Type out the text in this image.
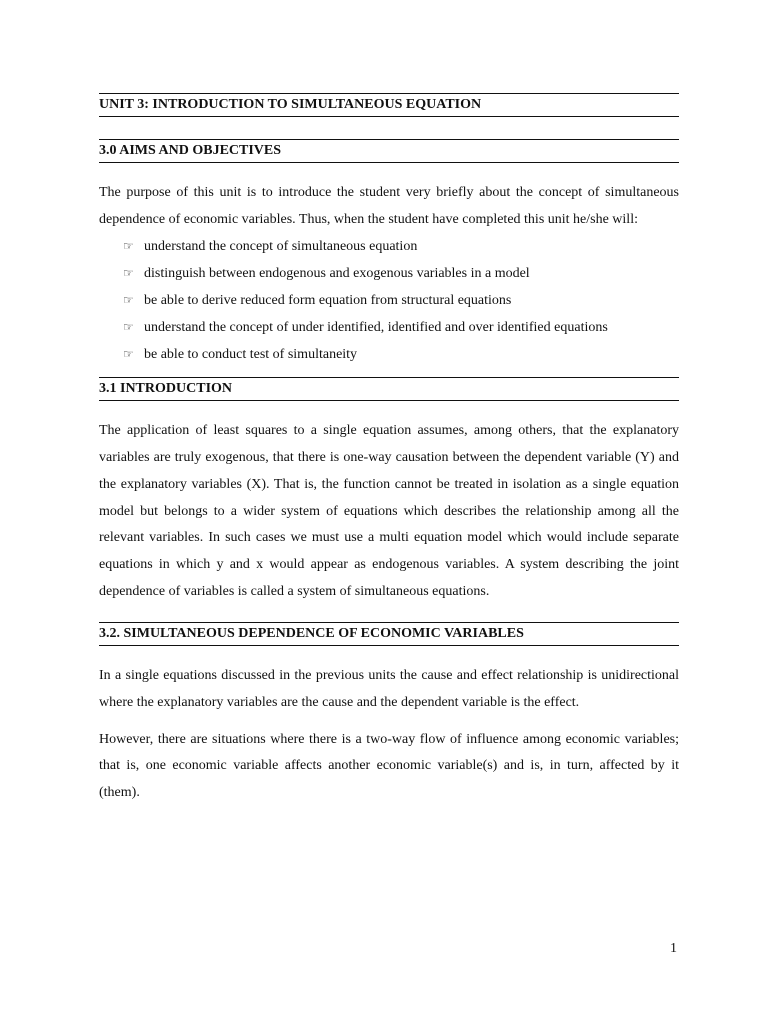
UNIT 3: INTRODUCTION TO SIMULTANEOUS EQUATION
3.0 AIMS AND OBJECTIVES

The purpose of this unit is to introduce the student very briefly about the concept of simultaneous dependence of economic variables. Thus, when the student have completed this unit he/she will:

☞ understand the concept of simultaneous equation
☞ distinguish between endogenous and exogenous variables in a model
☞ be able to derive reduced form equation from structural equations
☞ understand the concept of under identified, identified and over identified equations
☞ be able to conduct test of simultaneity
3.1 INTRODUCTION

The application of least squares to a single equation assumes, among others, that the explanatory variables are truly exogenous, that there is one-way causation between the dependent variable (Y) and the explanatory variables (X). That is, the function cannot be treated in isolation as a single equation model but belongs to a wider system of equations which describes the relationship among all the relevant variables. In such cases we must use a multi equation model which would include separate equations in which y and x would appear as endogenous variables. A system describing the joint dependence of variables is called a system of simultaneous equations.

3.2. SIMULTANEOUS DEPENDENCE OF ECONOMIC VARIABLES

In a single equations discussed in the previous units the cause and effect relationship is unidirectional where the explanatory variables are the cause and the dependent variable is the effect.

However, there are situations where there is a two-way flow of influence among economic variables; that is, one economic variable affects another economic variable(s) and is, in turn, affected by it (them).

1
